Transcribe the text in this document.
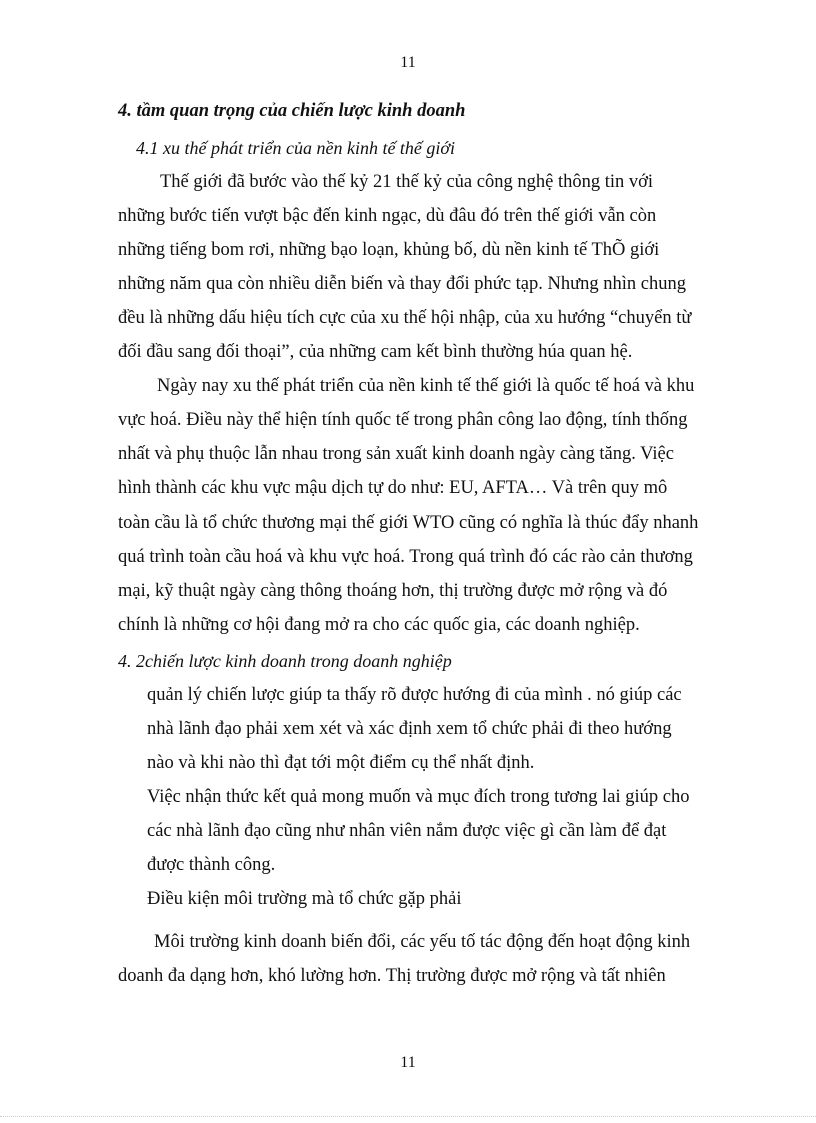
11
4. tầm quan trọng của chiến lược kinh doanh
4.1 xu thế phát triển của nền kinh tế thế giới
Thế giới đã bước vào thế kỷ 21 thế kỷ của công nghệ thông tin với
những bước tiến vượt bậc đến kinh ngạc, dù đâu đó trên thế giới vẫn còn
những tiếng bom rơi, những bạo loạn, khủng bố, dù nền kinh tế ThÕ giới
những năm qua còn nhiều diễn biến và thay đổi phức tạp. Nhưng nhìn chung
đều là những dấu hiệu tích cực của xu thế hội nhập, của xu hướng “chuyển từ
đối đầu sang đối thoại”, của những cam kết bình thường húa quan hệ.
Ngày nay xu thế phát triển của nền kinh tế thế giới là quốc tế hoá và khu
vực hoá. Điều này thể hiện tính quốc tế trong phân công lao động, tính thống
nhất và phụ thuộc lẫn nhau trong sản xuất kinh doanh ngày càng tăng. Việc
hình thành các khu vực mậu dịch tự do như: EU, AFTA… Và trên quy mô
toàn cầu là tổ chức thương mại thế giới WTO cũng có nghĩa là thúc đẩy nhanh
quá trình toàn cầu hoá và khu vực hoá. Trong quá trình đó các rào cản thương
mại, kỹ thuật ngày càng thông thoáng hơn, thị trường được mở rộng và đó
chính là những cơ hội đang mở ra cho các quốc gia, các doanh nghiệp.
4. 2chiến lược kinh doanh trong doanh nghiệp
quản lý chiến lược giúp ta thấy rõ được hướng đi của mình . nó giúp các
nhà lãnh đạo phải xem xét và xác định xem tổ chức phải đi theo hướng
nào và khi nào thì đạt tới một điểm cụ thể nhất định.
Việc nhận thức kết quả mong muốn và mục đích trong tương lai giúp cho
các nhà lãnh đạo cũng như nhân viên nắm được việc gì cần làm để đạt
được thành công.
Điều kiện môi trường mà tổ chức gặp phải
Môi trường kinh doanh biến đổi, các yếu tố tác động đến hoạt động kinh
doanh đa dạng hơn, khó lường hơn. Thị trường được mở rộng và tất nhiên
11
